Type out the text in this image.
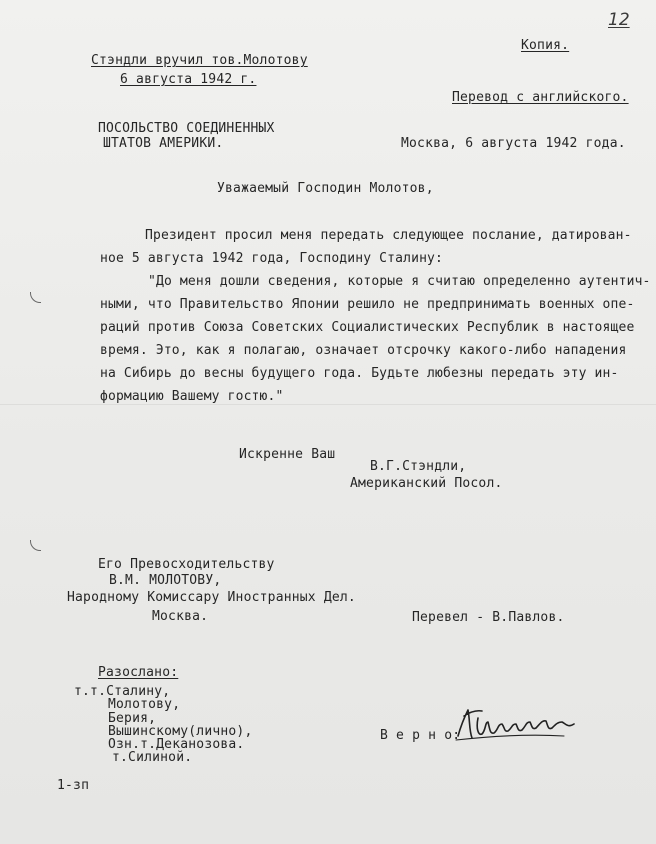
12
Стэндли вручил тов.Молотову
6 августа 1942 г.
Копия.
Перевод с английского.
ПОСОЛЬСТВО СОЕДИНЕННЫХ
ШТАТОВ АМЕРИКИ.	Москва, 6 августа 1942 года.
Уважаемый Господин Молотов,
Президент просил меня передать следующее послание, датирован-
ное 5 августа 1942 года, Господину Сталину:
"До меня дошли сведения, которые я считаю определенно аутентич-
ными, что Правительство Японии решило не предпринимать военных опе-
раций против Союза Советских Социалистических Республик в настоящее
время. Это, как я полагаю, означает отсрочку какого-либо нападения
на Сибирь до весны будущего года. Будьте любезны передать эту ин-
формацию Вашему гостю."
Искренне Ваш
В.Г.Стэндли,
Американский Посол.
Его Превосходительству
В.М. МОЛОТОВУ,
Народному Комиссару Иностранных Дел.
Москва.	Перевел - В.Павлов.
Разослано:
т.т.Сталину,
Молотову,
Берия,
Вышинскому(лично),
Озн.т.Деканозова.
т.Силиной.
В е р н о:
1-зп
